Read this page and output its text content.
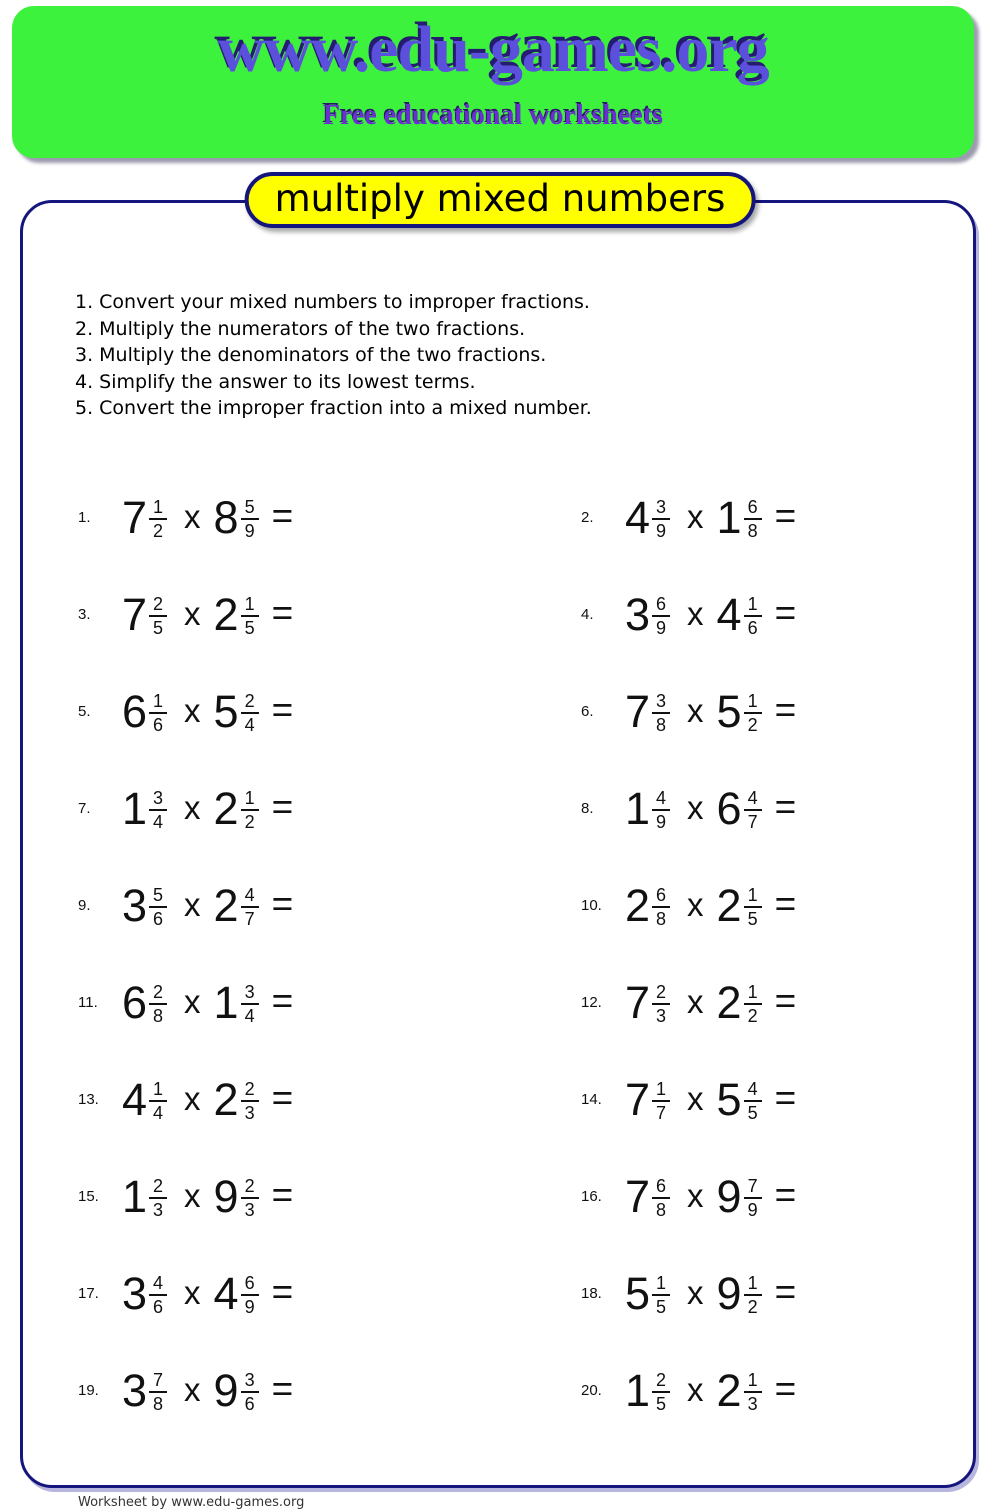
www.edu-games.org
Free educational worksheets
multiply mixed numbers
1. Convert your mixed numbers to improper fractions.
2. Multiply the numerators of the two fractions.
3. Multiply the denominators of the two fractions.
4. Simplify the answer to its lowest terms.
5. Convert the improper fraction into a mixed number.
1. $7 \frac{1}{2}$ x $8 \frac{5}{9}$ =	2. $4 \frac{3}{9}$ x $1 \frac{6}{8}$ =
3. $7 \frac{2}{5}$ x $2 \frac{1}{5}$ =	4. $3 \frac{6}{9}$ x $4 \frac{1}{6}$ =
5. $6 \frac{1}{6}$ x $5 \frac{2}{4}$ =	6. $7 \frac{3}{8}$ x $5 \frac{1}{2}$ =
7. $1 \frac{3}{4}$ x $2 \frac{1}{2}$ =	8. $1 \frac{4}{9}$ x $6 \frac{4}{7}$ =
9. $3 \frac{5}{6}$ x $2 \frac{4}{7}$ =	10. $2 \frac{6}{8}$ x $2 \frac{1}{5}$ =
11. $6 \frac{2}{8}$ x $1 \frac{3}{4}$ =	12. $7 \frac{2}{3}$ x $2 \frac{1}{2}$ =
13. $4 \frac{1}{4}$ x $2 \frac{2}{3}$ =	14. $7 \frac{1}{7}$ x $5 \frac{4}{5}$ =
15. $1 \frac{2}{3}$ x $9 \frac{2}{3}$ =	16. $7 \frac{6}{8}$ x $9 \frac{7}{9}$ =
17. $3 \frac{4}{6}$ x $4 \frac{6}{9}$ =	18. $5 \frac{1}{5}$ x $9 \frac{1}{2}$ =
19. $3 \frac{7}{8}$ x $9 \frac{3}{6}$ =	20. $1 \frac{2}{5}$ x $2 \frac{1}{3}$ =
Worksheet by www.edu-games.org
